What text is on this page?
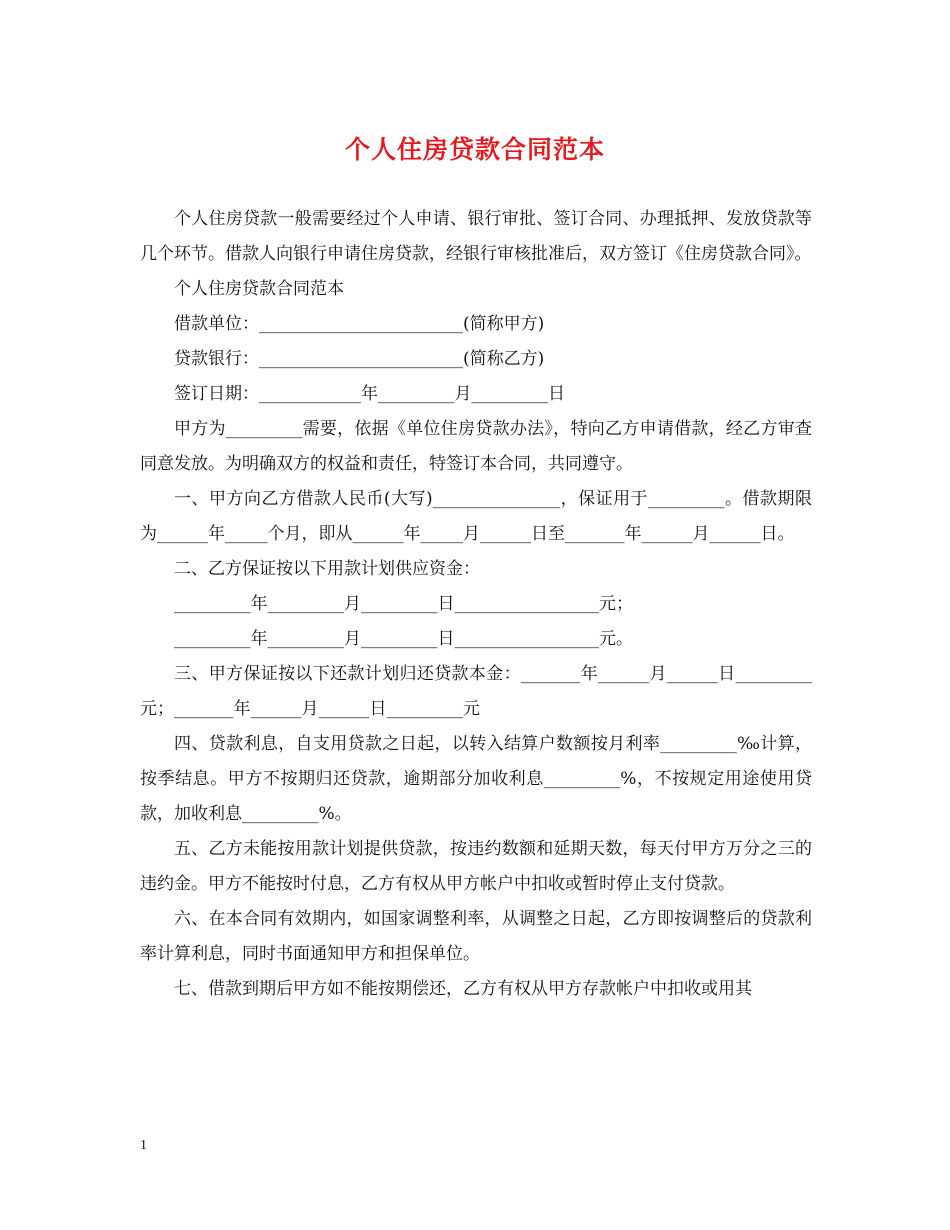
个人住房贷款合同范本

个人住房贷款一般需要经过个人申请、银行审批、签订合同、办理抵押、发放贷款等几个环节。借款人向银行申请住房贷款，经银行审核批准后，双方签订《住房贷款合同》。

个人住房贷款合同范本

借款单位：________________________(简称甲方)

贷款银行：________________________(简称乙方)

签订日期：____________年_________月_________日

甲方为_________需要，依据《单位住房贷款办法》，特向乙方申请借款，经乙方审查同意发放。为明确双方的权益和责任，特签订本合同，共同遵守。

一、甲方向乙方借款人民币(大写)_______________，保证用于_________。借款期限为______年_____个月，即从______年_____月______日至_______年______月______日。

二、乙方保证按以下用款计划供应资金：

_________年_________月_________日_________________元；

_________年_________月_________日_________________元。

三、甲方保证按以下还款计划归还贷款本金：_______年______月______日_________元；_______年______月______日_________元

四、贷款利息，自支用贷款之日起，以转入结算户数额按月利率_________‰计算，按季结息。甲方不按期归还贷款，逾期部分加收利息_________%，不按规定用途使用贷款，加收利息_________%。

五、乙方未能按用款计划提供贷款，按违约数额和延期天数，每天付甲方万分之三的违约金。甲方不能按时付息，乙方有权从甲方帐户中扣收或暂时停止支付贷款。

六、在本合同有效期内，如国家调整利率，从调整之日起，乙方即按调整后的贷款利率计算利息，同时书面通知甲方和担保单位。

七、借款到期后甲方如不能按期偿还，乙方有权从甲方存款帐户中扣收或用其

1
